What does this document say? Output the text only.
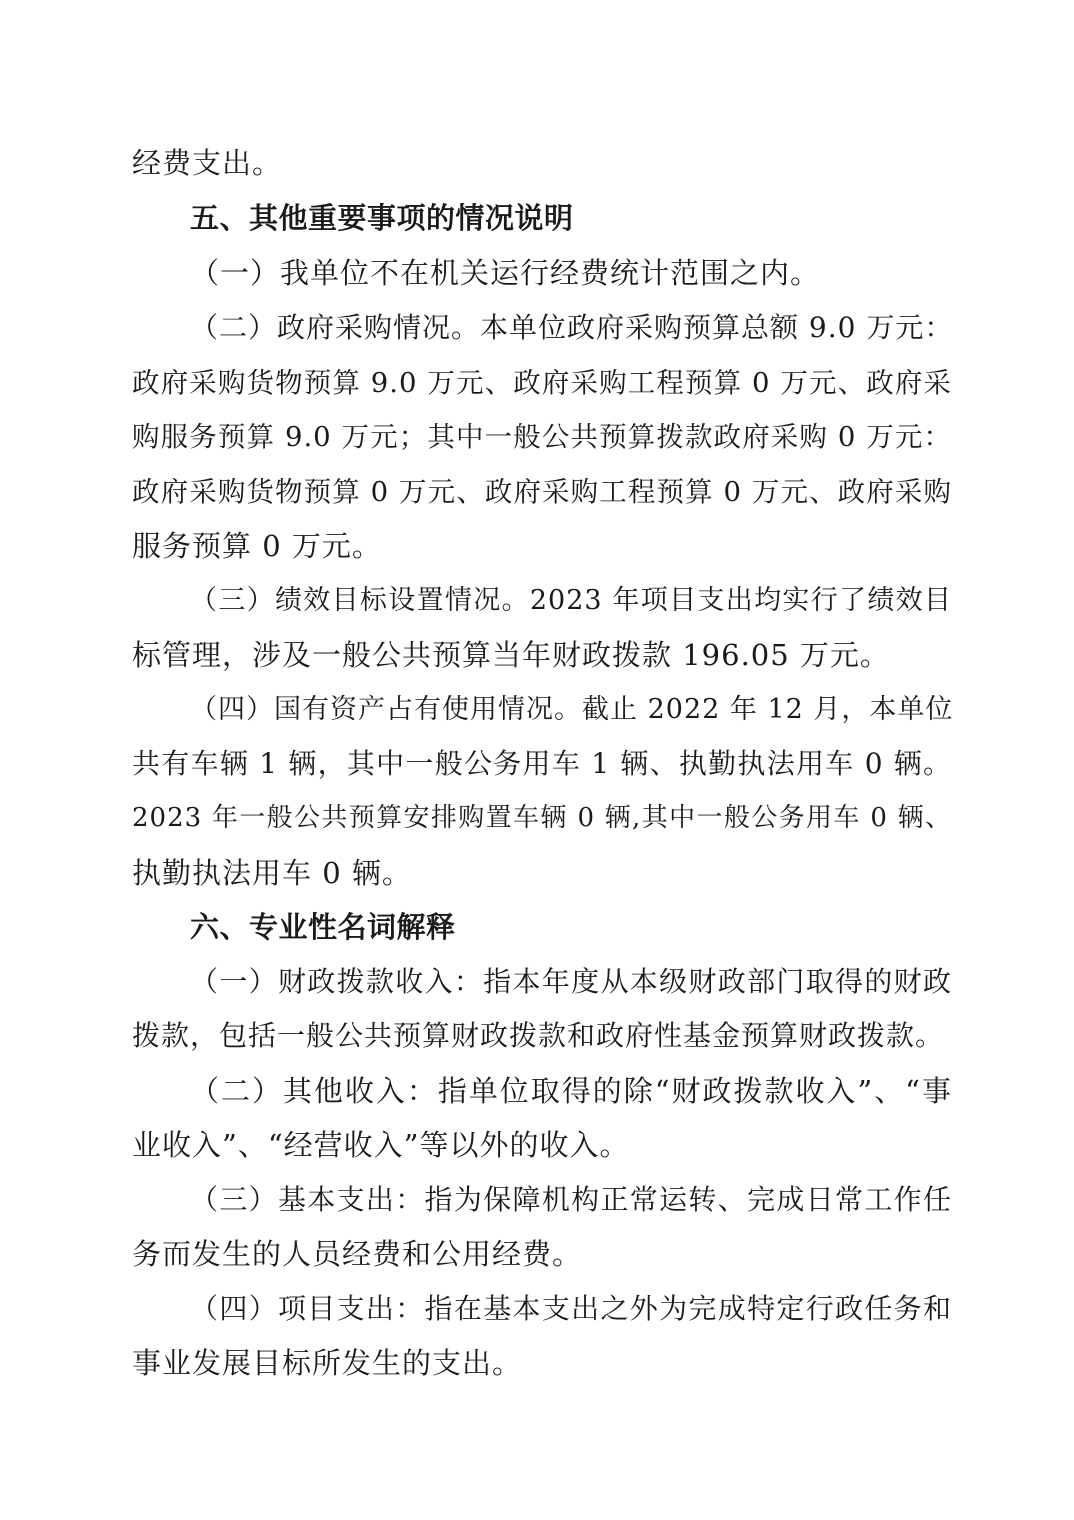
经费支出。
五、其他重要事项的情况说明
（一）我单位不在机关运行经费统计范围之内。
（二）政府采购情况。本单位政府采购预算总额 9.0 万元：
政府采购货物预算 9.0 万元、政府采购工程预算 0 万元、政府采
购服务预算 9.0 万元；其中一般公共预算拨款政府采购 0 万元：
政府采购货物预算 0 万元、政府采购工程预算 0 万元、政府采购
服务预算 0 万元。
（三）绩效目标设置情况。2023 年项目支出均实行了绩效目
标管理，涉及一般公共预算当年财政拨款 196.05 万元。
（四）国有资产占有使用情况。截止 2022 年 12 月，本单位
共有车辆 1 辆，其中一般公务用车 1 辆、执勤执法用车 0 辆。
2023 年一般公共预算安排购置车辆 0 辆,其中一般公务用车 0 辆、
执勤执法用车 0 辆。
六、专业性名词解释
（一）财政拨款收入：指本年度从本级财政部门取得的财政
拨款，包括一般公共预算财政拨款和政府性基金预算财政拨款。
（二）其他收入：指单位取得的除“财政拨款收入”、“事
业收入”、“经营收入”等以外的收入。
（三）基本支出：指为保障机构正常运转、完成日常工作任
务而发生的人员经费和公用经费。
（四）项目支出：指在基本支出之外为完成特定行政任务和
事业发展目标所发生的支出。
